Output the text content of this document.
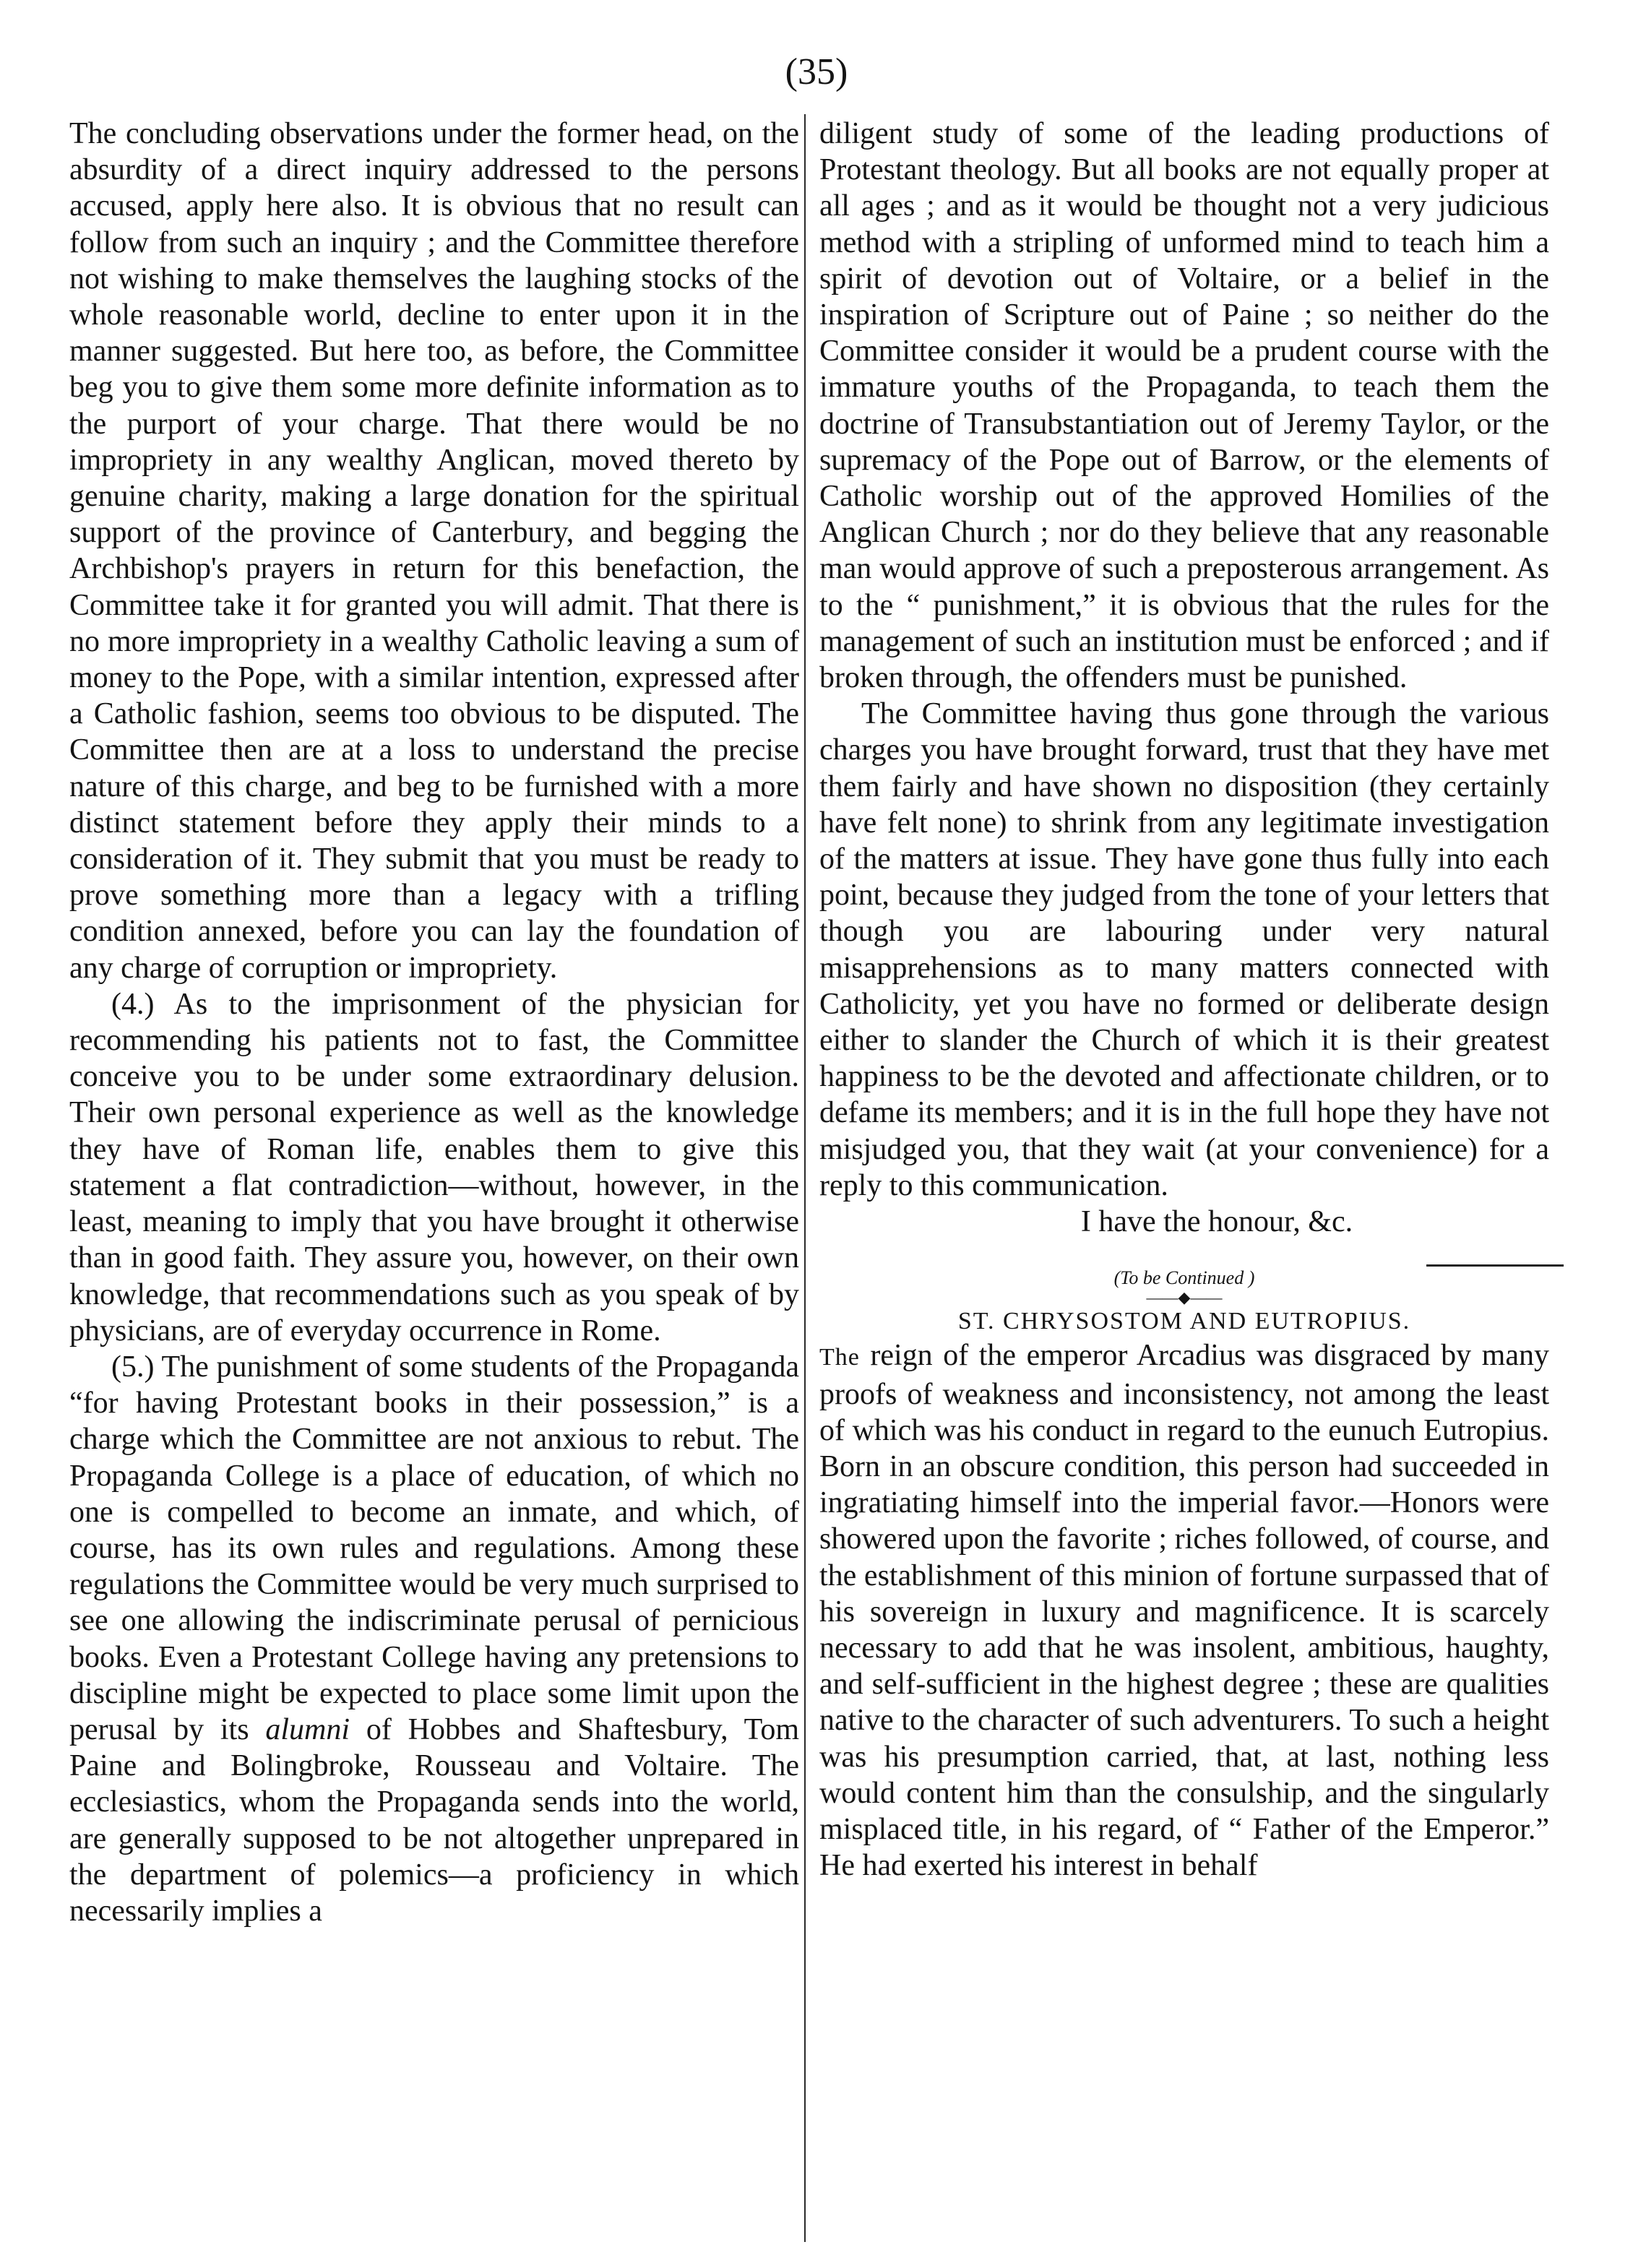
(35)

The concluding observations under the former head, on the absurdity of a direct inquiry addressed to the persons accused, apply here also. It is obvious that no result can follow from such an inquiry ; and the Committee therefore not wishing to make themselves the laughing stocks of the whole reasonable world, decline to enter upon it in the manner suggested. But here too, as before, the Committee beg you to give them some more definite information as to the purport of your charge. That there would be no impropriety in any wealthy Anglican, moved thereto by genuine charity, making a large donation for the spiritual support of the province of Canterbury, and begging the Archbishop's prayers in return for this benefaction, the Committee take it for granted you will admit. That there is no more impropriety in a wealthy Catholic leaving a sum of money to the Pope, with a similar intention, expressed after a Catholic fashion, seems too obvious to be disputed. The Committee then are at a loss to understand the precise nature of this charge, and beg to be furnished with a more distinct statement before they apply their minds to a consideration of it. They submit that you must be ready to prove something more than a legacy with a trifling condition annexed, before you can lay the foundation of any charge of corruption or impropriety.

(4.) As to the imprisonment of the physician for recommending his patients not to fast, the Committee conceive you to be under some extraordinary delusion. Their own personal experience as well as the knowledge they have of Roman life, enables them to give this statement a flat contradiction—without, however, in the least, meaning to imply that you have brought it otherwise than in good faith. They assure you, however, on their own knowledge, that recommendations such as you speak of by physicians, are of everyday occurrence in Rome.

(5.) The punishment of some students of the Propaganda “for having Protestant books in their possession,” is a charge which the Committee are not anxious to rebut. The Propaganda College is a place of education, of which no one is compelled to become an inmate, and which, of course, has its own rules and regulations. Among these regulations the Committee would be very much surprised to see one allowing the indiscriminate perusal of pernicious books. Even a Protestant College having any pretensions to discipline might be expected to place some limit upon the perusal by its alumni of Hobbes and Shaftesbury, Tom Paine and Bolingbroke, Rousseau and Voltaire. The ecclesiastics, whom the Propaganda sends into the world, are generally supposed to be not altogether unprepared in the department of polemics—a proficiency in which necessarily implies a

diligent study of some of the leading productions of Protestant theology. But all books are not equally proper at all ages ; and as it would be thought not a very judicious method with a stripling of unformed mind to teach him a spirit of devotion out of Voltaire, or a belief in the inspiration of Scripture out of Paine ; so neither do the Committee consider it would be a prudent course with the immature youths of the Propaganda, to teach them the doctrine of Transubstantiation out of Jeremy Taylor, or the supremacy of the Pope out of Barrow, or the elements of Catholic worship out of the approved Homilies of the Anglican Church ; nor do they believe that any reasonable man would approve of such a preposterous arrangement. As to the “ punishment,” it is obvious that the rules for the management of such an institution must be enforced ; and if broken through, the offenders must be punished.

The Committee having thus gone through the various charges you have brought forward, trust that they have met them fairly and have shown no disposition (they certainly have felt none) to shrink from any legitimate investigation of the matters at issue. They have gone thus fully into each point, because they judged from the tone of your letters that though you are labouring under very natural misapprehensions as to many matters connected with Catholicity, yet you have no formed or deliberate design either to slander the Church of which it is their greatest happiness to be the devoted and affectionate children, or to defame its members; and it is in the full hope they have not misjudged you, that they wait (at your convenience) for a reply to this communication.

I have the honour, &c.

(To be Continued )

——◆——

ST. CHRYSOSTOM AND EUTROPIUS.

The reign of the emperor Arcadius was disgraced by many proofs of weakness and inconsistency, not among the least of which was his conduct in regard to the eunuch Eutropius. Born in an obscure condition, this person had succeeded in ingratiating himself into the imperial favor.—Honors were showered upon the favorite ; riches followed, of course, and the establishment of this minion of fortune surpassed that of his sovereign in luxury and magnificence. It is scarcely necessary to add that he was insolent, ambitious, haughty, and self-sufficient in the highest degree ; these are qualities native to the character of such adventurers. To such a height was his presumption carried, that, at last, nothing less would content him than the consulship, and the singularly misplaced title, in his regard, of “ Father of the Emperor.” He had exerted his interest in behalf
